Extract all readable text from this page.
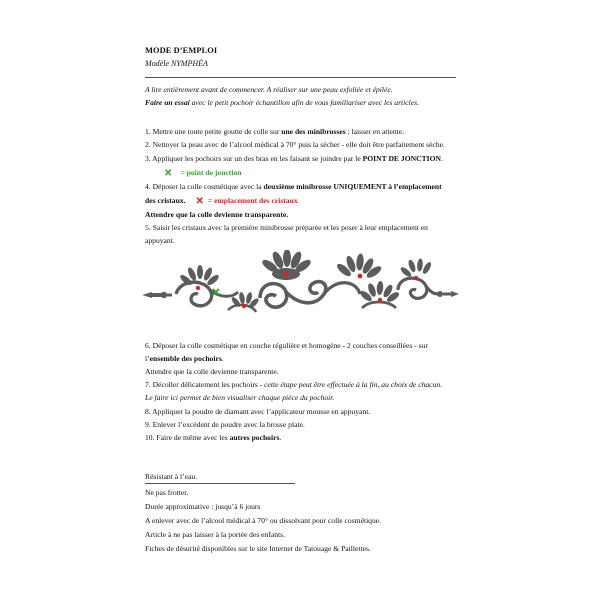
MODE D’EMPLOI
Modèle NYMPHÉA
A lire entièrement avant de commencer. A réaliser sur une peau exfoliée et épilée.
Faire un essai avec le petit pochoir échantillon afin de vous familiariser avec les articles.
1. Mettre une toute petite goutte de colle sur une des minibrosses ; laisser en attente.
2. Nettoyer la peau avec de l’alcool médical à 70° puis la sécher - elle doit être parfaitement sèche.
3. Appliquer les pochoirs sur un des bras en les faisant se joindre par le POINT DE JONCTION.
✕ = point de jonction
4. Déposer la colle cosmétique avec la deuxième minibrosse UNIQUEMENT à l’emplacement
des cristaux. ✕ = emplacement des cristaux
Attendre que la colle devienne transparente.
5. Saisir les cristaux avec la première minibrosse préparée et les poser à leur emplacement en
appuyant.
6. Déposer la colle cosmétique en couche régulière et homogène - 2 couches conseillées - sur
l’ensemble des pochoirs.
Attendre que la colle devienne transparente.
7. Décoller délicatement les pochoirs - cette étape peut être effectuée à la fin, au choix de chacun.
Le faire ici permet de bien visualiser chaque pièce du pochoir.
8. Appliquer la poudre de diamant avec l’applicateur mousse en appuyant.
9. Enlever l’excédent de poudre avec la brosse plate.
10. Faire de même avec les autres pochoirs.
Résistant à l’eau.
Ne pas frotter.
Durée approximative : jusqu’à 6 jours
A enlever avec de l’alcool médical à 70° ou dissolvant pour colle cosmétique.
Article à ne pas laisser à la portée des enfants.
Fiches de désurité disponibles sur le site Internet de Tatouage & Paillettes.
